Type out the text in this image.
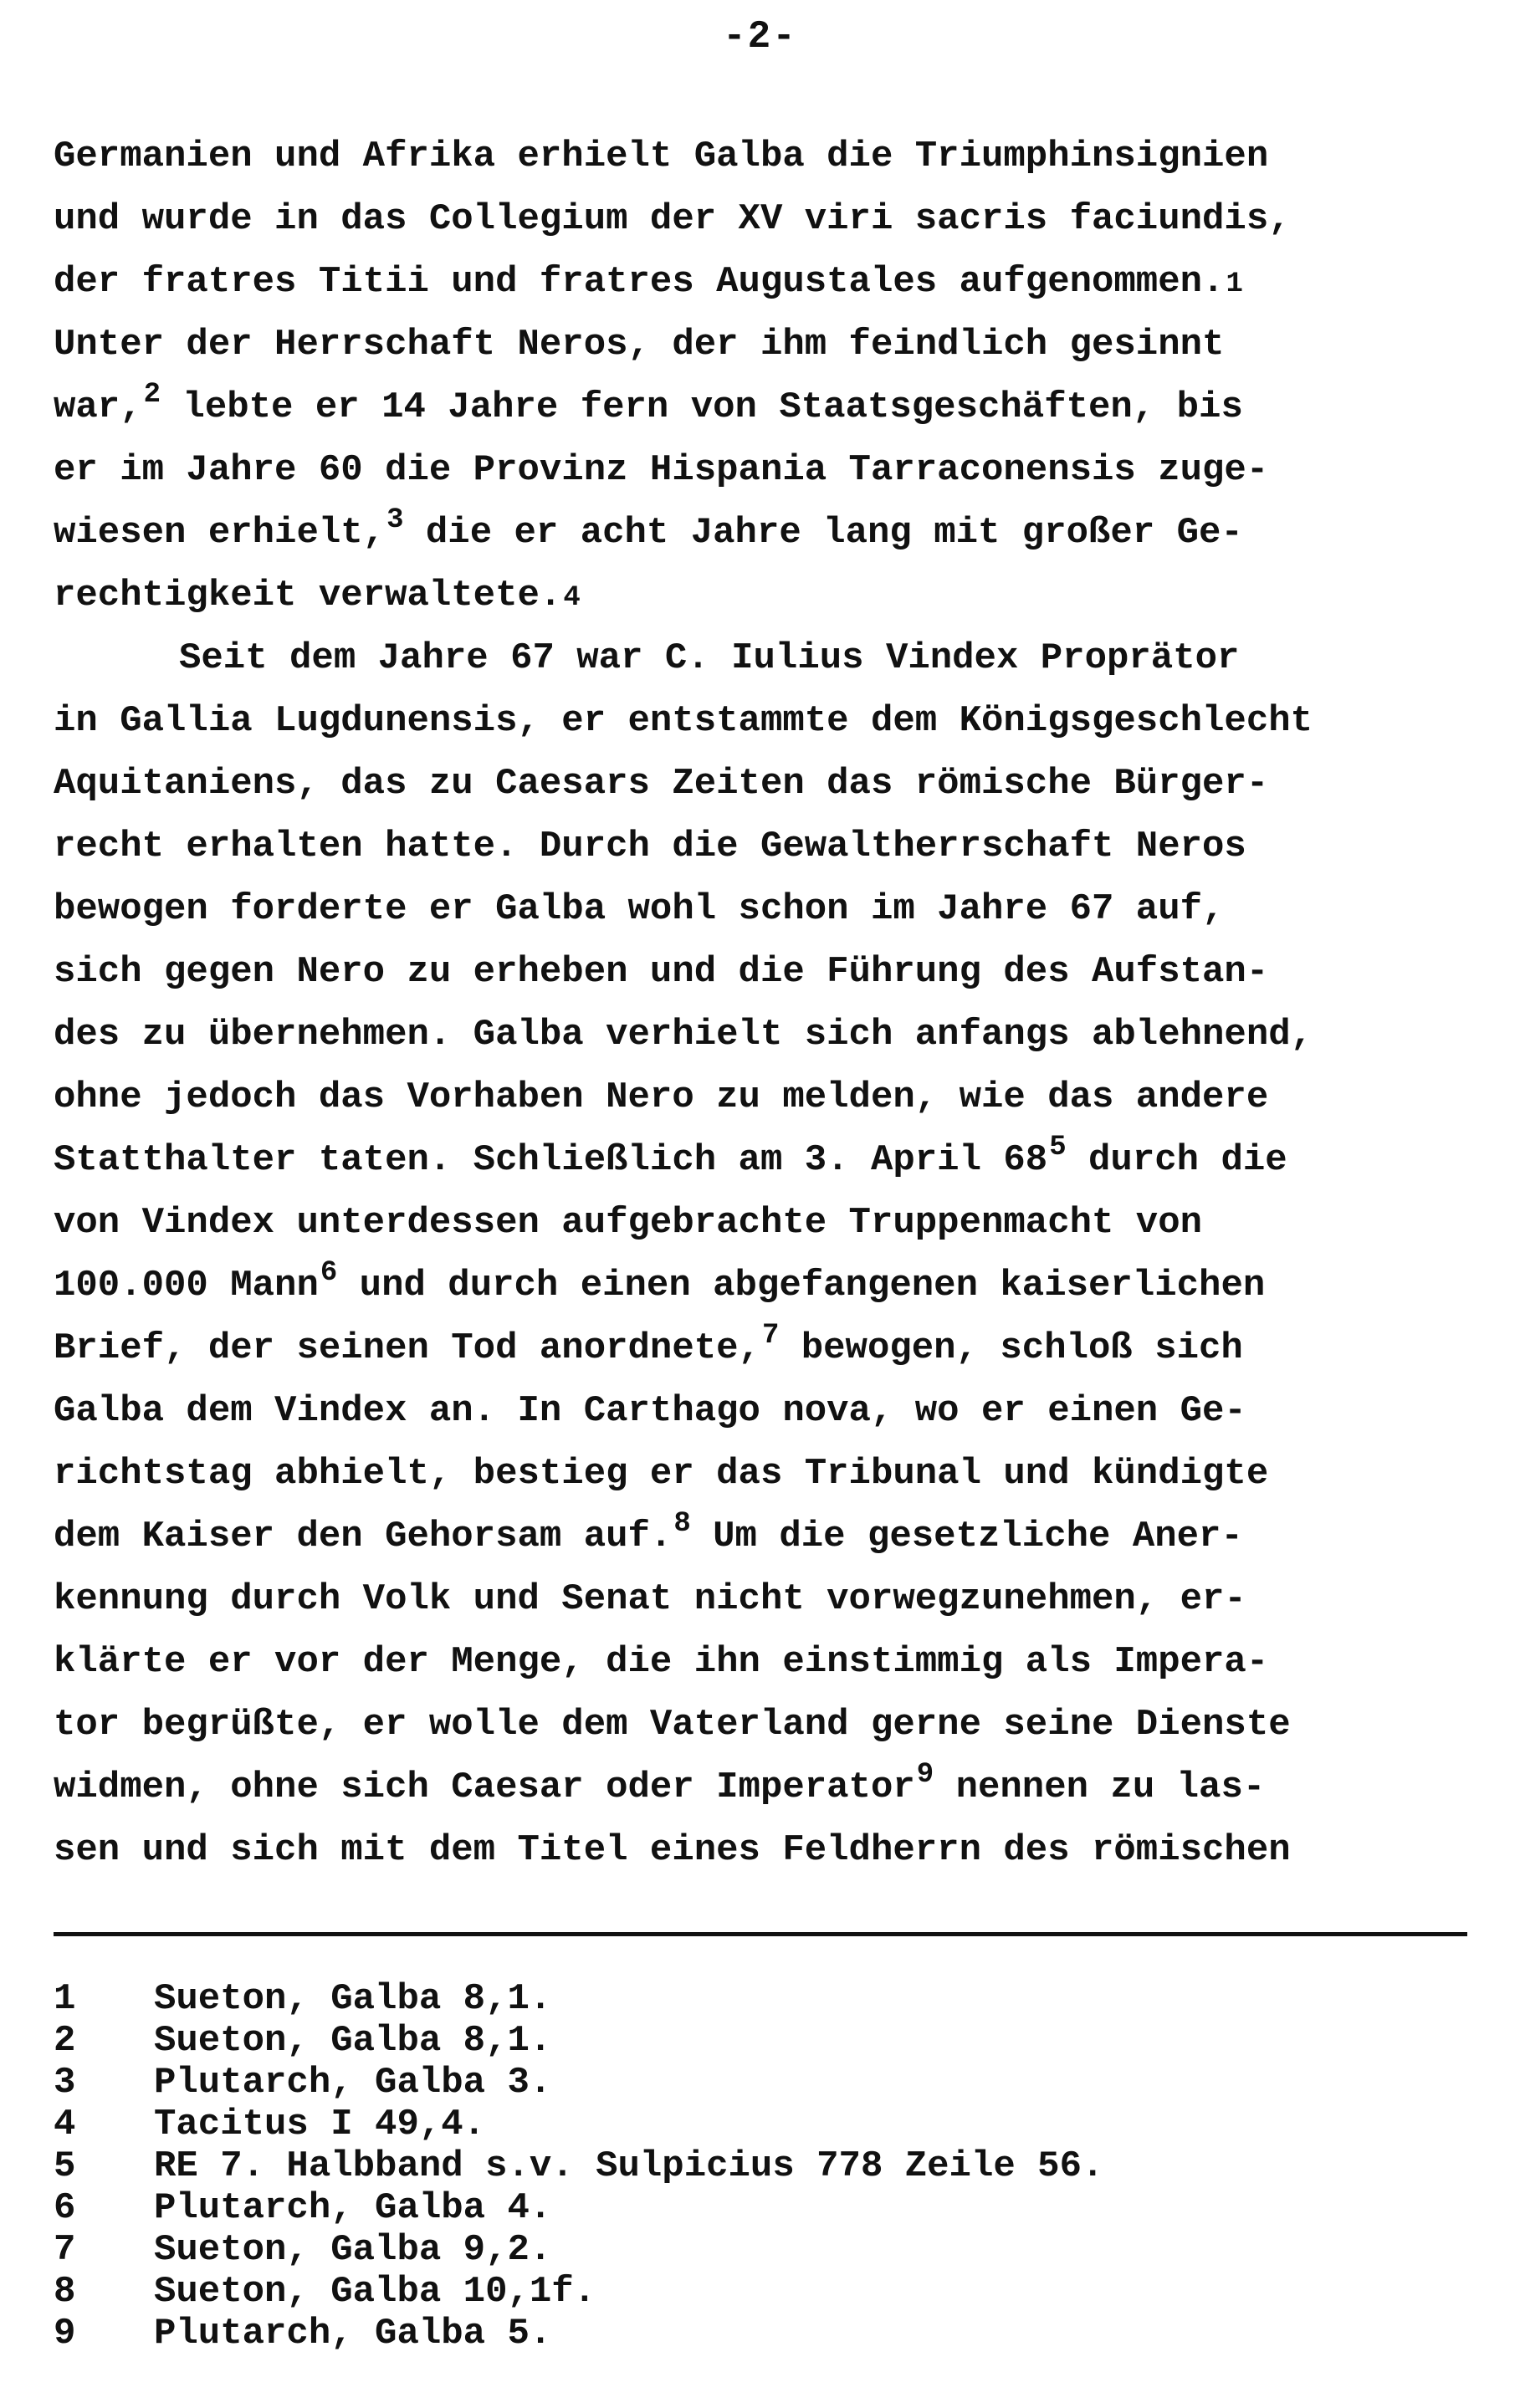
-2-
Germanien und Afrika erhielt Galba die Triumphinsignien
und wurde in das Collegium der XV viri sacris faciundis,
der fratres Titii und fratres Augustales aufgenommen. 1
Unter der Herrschaft Neros, der ihm feindlich gesinnt
war,$^2$ lebte er 14 Jahre fern von Staatsgeschäften, bis
er im Jahre 60 die Provinz Hispania Tarraconensis zuge-
wiesen erhielt,$^3$ die er acht Jahre lang mit großer Ge-
rechtigkeit verwaltete. 4
Seit dem Jahre 67 war C. Iulius Vindex Proprätor
in Gallia Lugdunensis, er entstammte dem Königsgeschlecht
Aquitaniens, das zu Caesars Zeiten das römische Bürger-
recht erhalten hatte. Durch die Gewaltherrschaft Neros
bewogen forderte er Galba wohl schon im Jahre 67 auf,
sich gegen Nero zu erheben und die Führung des Aufstan-
des zu übernehmen. Galba verhielt sich anfangs ablehnend,
ohne jedoch das Vorhaben Nero zu melden, wie das andere
Statthalter taten. Schließlich am 3. April $68^5$ durch die
von Vindex unterdessen aufgebrachte Truppenmacht von
100.000 Mann$^6$ und durch einen abgefangenen kaiserlichen
Brief, der seinen Tod anordnete,$^7$ bewogen, schloß sich
Galba dem Vindex an. In Carthago nova, wo er einen Ge-
richtstag abhielt, bestieg er das Tribunal und kündigte
dem Kaiser den Gehorsam auf.$^8$ Um die gesetzliche Aner-
kennung durch Volk und Senat nicht vorwegzunehmen, er-
klärte er vor der Menge, die ihn einstimmig als Impera-
tor begrüßte, er wolle dem Vaterland gerne seine Dienste
widmen, ohne sich Caesar oder Imperator$^9$ nennen zu las-
sen und sich mit dem Titel eines Feldherrn des römischen
1	Sueton, Galba 8,1.
2	Sueton, Galba 8,1.
3	Plutarch, Galba 3.
4	Tacitus I 49,4.
5	RE 7. Halbband s.v. Sulpicius 778 Zeile 56.
6	Plutarch, Galba 4.
7	Sueton, Galba 9,2.
8	Sueton, Galba 10,1f.
9	Plutarch, Galba 5.
